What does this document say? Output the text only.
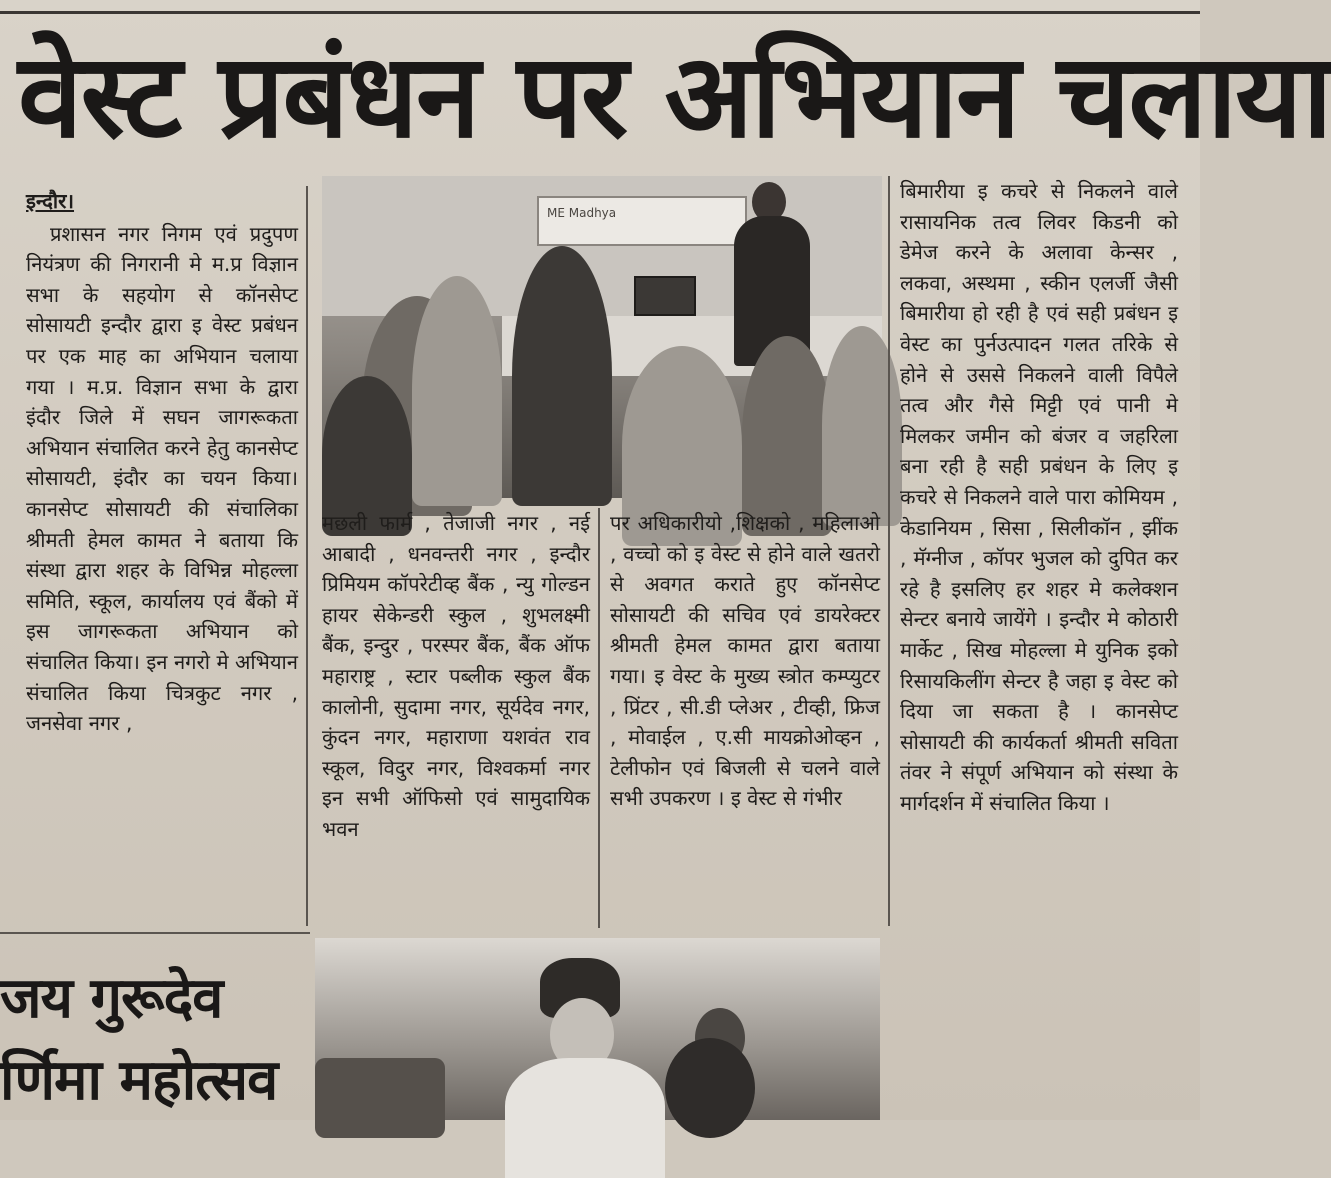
वेस्ट प्रबंधन पर अभियान चलाया
इन्दौर।
प्रशासन नगर निगम एवं प्रदुपण नियंत्रण की निगरानी मे म.प्र विज्ञान सभा के सहयोग से कॉनसेप्ट सोसायटी इन्दौर द्वारा इ वेस्ट प्रबंधन पर एक माह का अभियान चलाया गया । म.प्र. विज्ञान सभा के द्वारा इंदौर जिले में सघन जागरूकता अभियान संचालित करने हेतु कानसेप्ट सोसायटी, इंदौर का चयन किया। कानसेप्ट सोसायटी की संचालिका श्रीमती हेमल कामत ने बताया कि संस्था द्वारा शहर के विभिन्न मोहल्ला समिति, स्कूल, कार्यालय एवं बैंको में इस जागरूकता अभियान को संचालित किया। इन नगरो मे अभियान संचालित किया चित्रकुट नगर , जनसेवा नगर ,
ME Madhya
मछली फार्म , तेजाजी नगर , नई आबादी , धनवन्तरी नगर , इन्दौर प्रिमियम कॉपरेटीव्ह बैंक , न्यु गोल्डन हायर सेकेन्डरी स्कुल , शुभलक्ष्मी बैंक, इन्दुर , परस्पर बैंक, बैंक ऑफ महाराष्ट्र , स्टार पब्लीक स्कुल बैंक कालोनी, सुदामा नगर, सूर्यदेव नगर, कुंदन नगर, महाराणा यशवंत राव स्कूल, विदुर नगर, विश्वकर्मा नगर इन सभी ऑफिसो एवं सामुदायिक भवन
पर अधिकारीयो ,शिक्षको , महिलाओ , वच्चो को इ वेस्ट से होने वाले खतरो से अवगत कराते हुए कॉनसेप्ट सोसायटी की सचिव एवं डायरेक्टर श्रीमती हेमल कामत द्वारा बताया गया। इ वेस्ट के मुख्य स्त्रोत कम्प्युटर , प्रिंटर , सी.डी प्लेअर , टीव्ही, फ्रिज , मोवाईल , ए.सी मायक्रोओव्हन , टेलीफोन एवं बिजली से चलने वाले सभी उपकरण । इ वेस्ट से गंभीर
बिमारीया इ कचरे से निकलने वाले रासायनिक तत्व लिवर किडनी को डेमेज करने के अलावा केन्सर , लकवा, अस्थमा , स्कीन एलर्जी जैसी बिमारीया हो रही है एवं सही प्रबंधन इ वेस्ट का पुर्नउत्पादन गलत तरिके से होने से उससे निकलने वाली विपैले तत्व और गैसे मिट्टी एवं पानी मे मिलकर जमीन को बंजर व जहरिला बना रही है सही प्रबंधन के लिए इ कचरे से निकलने वाले पारा कोमियम , केडानियम , सिसा , सिलीकॉन , झींक , मॅग्नीज , कॉपर भुजल को दुपित कर रहे है इसलिए हर शहर मे कलेक्शन सेन्टर बनाये जायेंगे । इन्दौर मे कोठारी मार्केट , सिख मोहल्ला मे युनिक इको रिसायकिलींग सेन्टर है जहा इ वेस्ट को दिया जा सकता है । कानसेप्ट सोसायटी की कार्यकर्ता श्रीमती सविता तंवर ने संपूर्ण अभियान को संस्था के मार्गदर्शन में संचालित किया ।
जय गुरूदेव
र्णिमा महोत्सव
